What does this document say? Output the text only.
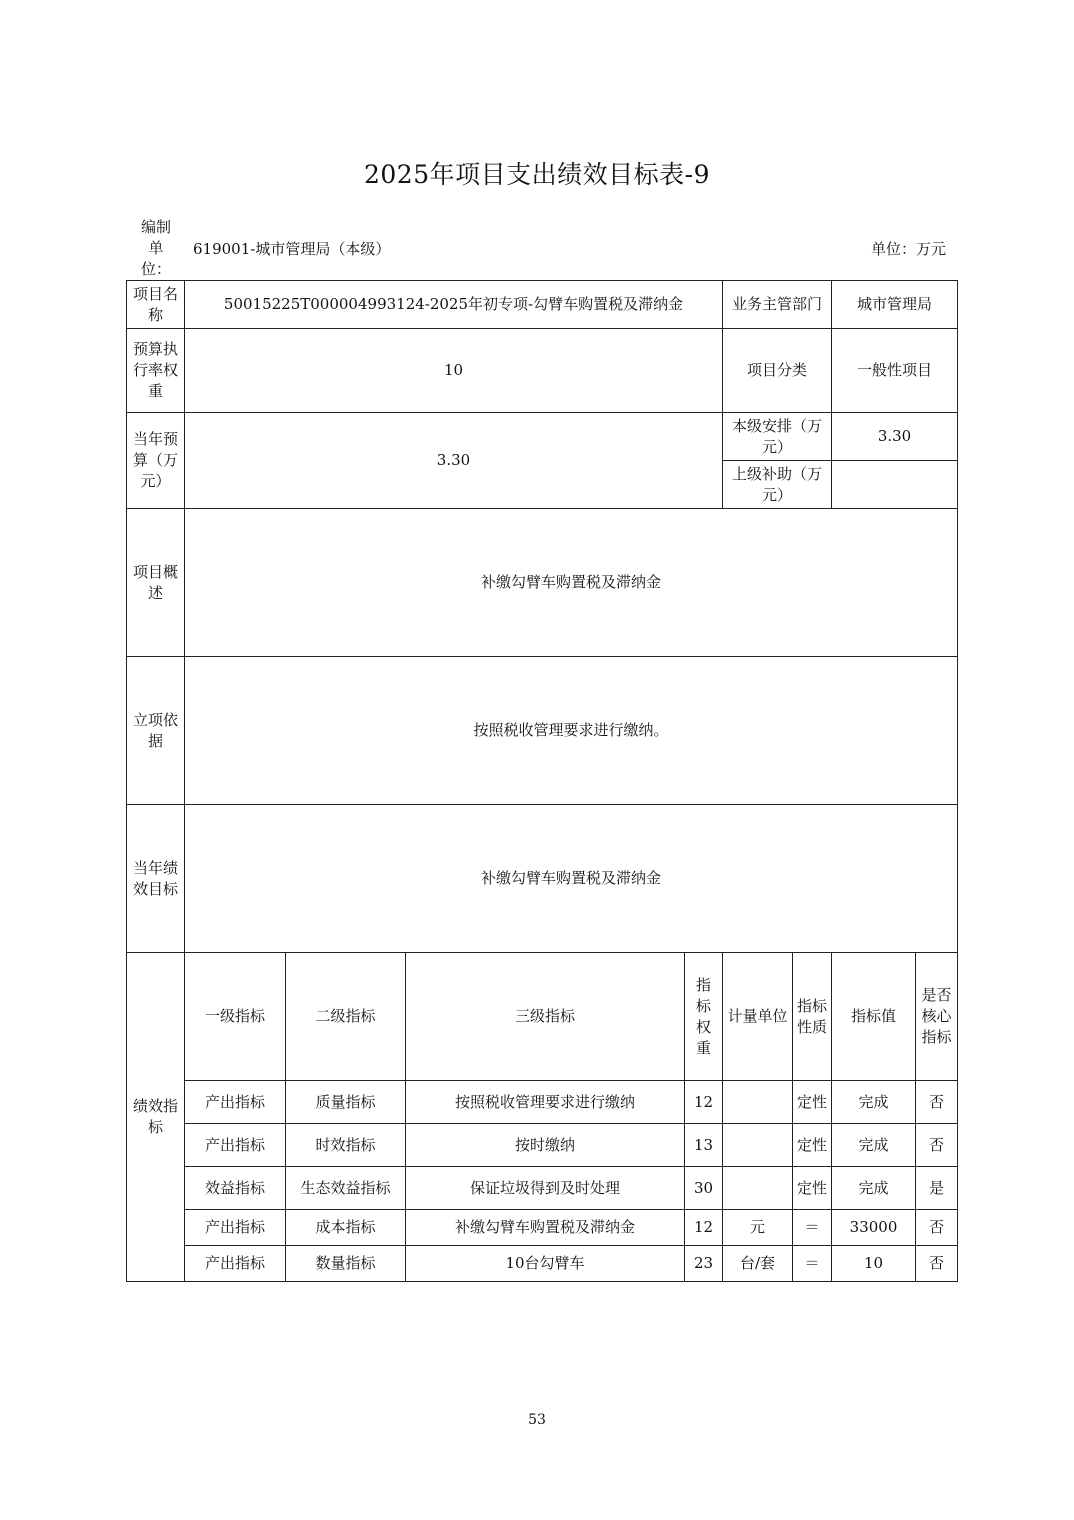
2025年项目支出绩效目标表-9
编制
单
位：
619001-城市管理局（本级）	单位：万元
项目名称	50015225T000004993124-2025年初专项-勾臂车购置税及滞纳金				业务主管部门		城市管理局	
预算执行率权重	10				项目分类		一般性项目	
当年预算（万元）	3.30				本级安排（万元）		3.30	
					上级补助（万元）			
项目概述	补缴勾臂车购置税及滞纳金							
立项依据	按照税收管理要求进行缴纳。							
当年绩效目标	补缴勾臂车购置税及滞纳金							
绩效指标	一级指标	二级指标	三级指标	指标权重	计量单位	指标性质	指标值	是否核心指标
	产出指标	质量指标	按照税收管理要求进行缴纳	12		定性	完成	否
	产出指标	时效指标	按时缴纳	13		定性	完成	否
	效益指标	生态效益指标	保证垃圾得到及时处理	30		定性	完成	是
	产出指标	成本指标	补缴勾臂车购置税及滞纳金	12	元	＝	33000	否
	产出指标	数量指标	10台勾臂车	23	台/套	＝	10	否
53
